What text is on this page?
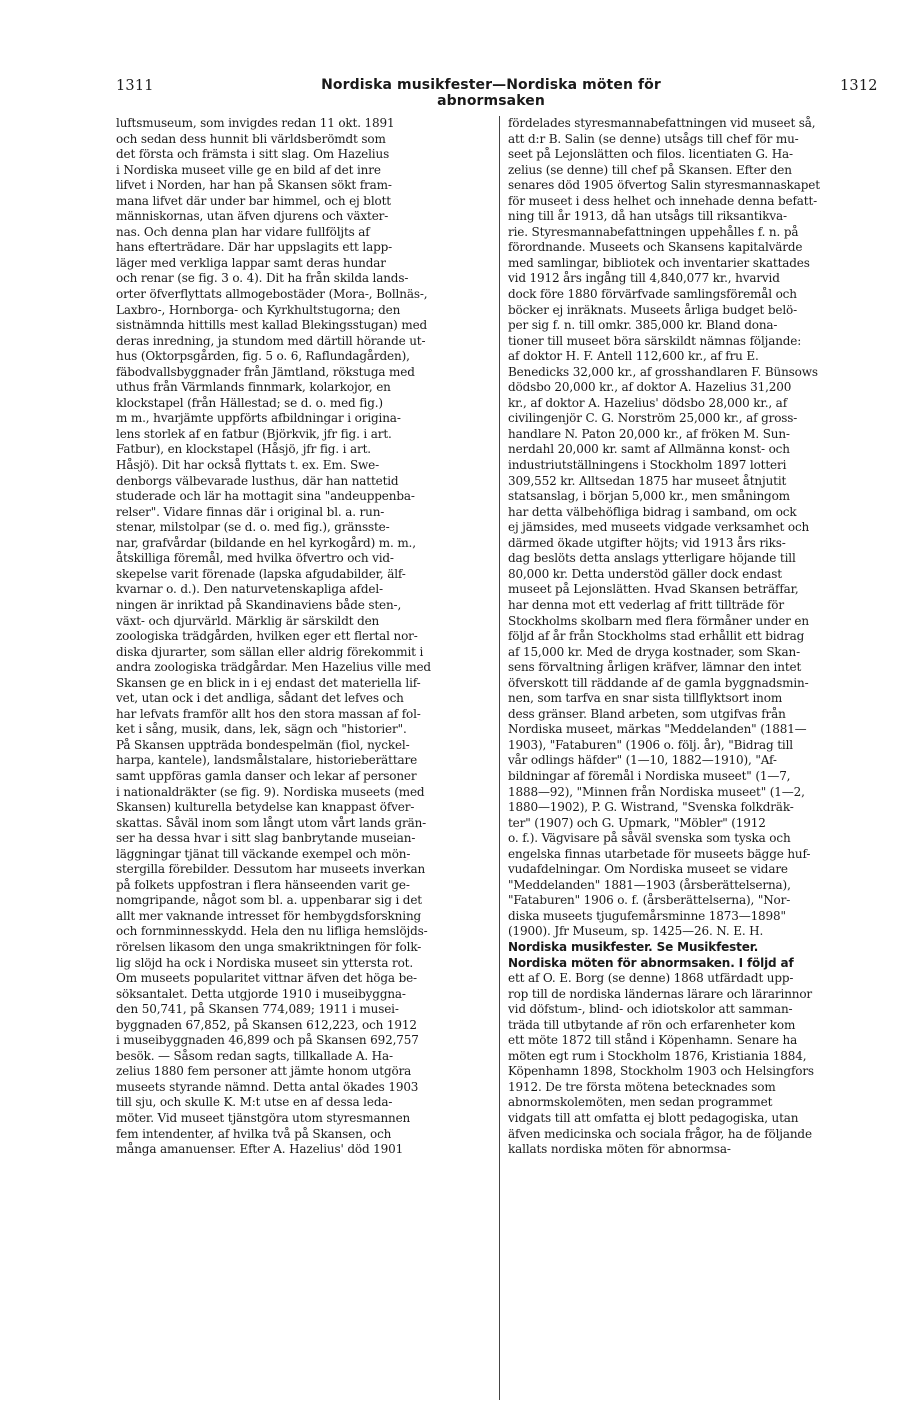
1311	Nordiska musikfester—Nordiska möten för abnormsaken
1312
luftsmuseum, som invigdes redan 11 okt. 1891
och sedan dess hunnit bli världsberömdt som
det första och främsta i sitt slag. Om Hazelius
i Nordiska museet ville ge en bild af det inre
lifvet i Norden, har han på Skansen sökt fram-
mana lifvet där under bar himmel, och ej blott
människornas, utan äfven djurens och växter-
nas. Och denna plan har vidare fullföljts af
hans efterträdare. Där har uppslagits ett lapp-
läger med verkliga lappar samt deras hundar
och renar (se fig. 3 o. 4). Dit ha från skilda lands-
orter öfverflyttats allmogebostäder (Mora-, Bollnäs-,
Laxbro-, Hornborga- och Kyrkhultstugorna; den
sistnämnda hittills mest kallad Blekingsstugan) med
deras inredning, ja stundom med därtill hörande ut-
hus (Oktorpsgården, fig. 5 o. 6, Raflundagården),
fäbodvallsbyggnader från Jämtland, rökstuga med
uthus från Värmlands finnmark, kolarkojor, en
klockstapel (från Hällestad; se d. o. med fig.)
m m., hvarjämte uppförts afbildningar i origina-
lens storlek af en fatbur (Björkvik, jfr fig. i art.
Fatbur), en klockstapel (Håsjö, jfr fig. i art.
Håsjö). Dit har också flyttats t. ex. Em. Swe-
denborgs välbevarade lusthus, där han nattetid
studerade och lär ha mottagit sina "andeuppenba-
relser". Vidare finnas där i original bl. a. run-
stenar, milstolpar (se d. o. med fig.), gränsste-
nar, grafvårdar (bildande en hel kyrkogård) m. m.,
åtskilliga föremål, med hvilka öfvertro och vid-
skepelse varit förenade (lapska afgudabilder, älf-
kvarnar o. d.). Den naturvetenskapliga afdel-
ningen är inriktad på Skandinaviens både sten-,
växt- och djurvärld. Märklig är särskildt den
zoologiska trädgården, hvilken eger ett flertal nor-
diska djurarter, som sällan eller aldrig förekommit i
andra zoologiska trädgårdar. Men Hazelius ville med
Skansen ge en blick in i ej endast det materiella lif-
vet, utan ock i det andliga, sådant det lefves och
har lefvats framför allt hos den stora massan af fol-
ket i sång, musik, dans, lek, sägn och "historier".
På Skansen uppträda bondespelmän (fiol, nyckel-
harpa, kantele), landsmålstalare, historieberättare
samt uppföras gamla danser och lekar af personer
i nationaldräkter (se fig. 9). Nordiska museets (med
Skansen) kulturella betydelse kan knappast öfver-
skattas. Såväl inom som långt utom vårt lands grän-
ser ha dessa hvar i sitt slag banbrytande museian-
läggningar tjänat till väckande exempel och mön-
stergilla förebilder. Dessutom har museets inverkan
på folkets uppfostran i flera hänseenden varit ge-
nomgripande, något som bl. a. uppenbarar sig i det
allt mer vaknande intresset för hembygdsforskning
och fornminnesskydd. Hela den nu lifliga hemslöjds-
rörelsen likasom den unga smakriktningen för folk-
lig slöjd ha ock i Nordiska museet sin yttersta rot.
Om museets popularitet vittnar äfven det höga be-
söksantalet. Detta utgjorde 1910 i museibyggna-
den 50,741, på Skansen 774,089; 1911 i musei-
byggnaden 67,852, på Skansen 612,223, och 1912
i museibyggnaden 46,899 och på Skansen 692,757
besök. — Såsom redan sagts, tillkallade A. Ha-
zelius 1880 fem personer att jämte honom utgöra
museets styrande nämnd. Detta antal ökades 1903
till sju, och skulle K. M:t utse en af dessa leda-
möter. Vid museet tjänstgöra utom styresmannen
fem intendenter, af hvilka två på Skansen, och
många amanuenser. Efter A. Hazelius' död 1901
fördelades styresmannabefattningen vid museet så,
att d:r B. Salin (se denne) utsågs till chef för mu-
seet på Lejonslätten och filos. licentiaten G. Ha-
zelius (se denne) till chef på Skansen. Efter den
senares död 1905 öfvertog Salin styresmannaskapet
för museet i dess helhet och innehade denna befatt-
ning till år 1913, då han utsågs till riksantikva-
rie. Styresmannabefattningen uppehålles f. n. på
förordnande. Museets och Skansens kapitalvärde
med samlingar, bibliotek och inventarier skattades
vid 1912 års ingång till 4,840,077 kr., hvarvid
dock före 1880 förvärfvade samlingsföremål och
böcker ej inräknats. Museets årliga budget belö-
per sig f. n. till omkr. 385,000 kr. Bland dona-
tioner till museet böra särskildt nämnas följande:
af doktor H. F. Antell 112,600 kr., af fru E.
Benedicks 32,000 kr., af grosshandlaren F. Bünsows
dödsbo 20,000 kr., af doktor A. Hazelius 31,200
kr., af doktor A. Hazelius' dödsbo 28,000 kr., af
civilingenjör C. G. Norström 25,000 kr., af gross-
handlare N. Paton 20,000 kr., af fröken M. Sun-
nerdahl 20,000 kr. samt af Allmänna konst- och
industriutställningens i Stockholm 1897 lotteri
309,552 kr. Alltsedan 1875 har museet åtnjutit
statsanslag, i början 5,000 kr., men småningom
har detta välbehöfliga bidrag i samband, om ock
ej jämsides, med museets vidgade verksamhet och
därmed ökade utgifter höjts; vid 1913 års riks-
dag beslöts detta anslags ytterligare höjande till
80,000 kr. Detta understöd gäller dock endast
museet på Lejonslätten. Hvad Skansen beträffar,
har denna mot ett vederlag af fritt tillträde för
Stockholms skolbarn med flera förmåner under en
följd af år från Stockholms stad erhållit ett bidrag
af 15,000 kr. Med de dryga kostnader, som Skan-
sens förvaltning årligen kräfver, lämnar den intet
öfverskott till räddande af de gamla byggnadsmin-
nen, som tarfva en snar sista tillflyktsort inom
dess gränser. Bland arbeten, som utgifvas från
Nordiska museet, märkas "Meddelanden" (1881—
1903), "Fataburen" (1906 o. följ. år), "Bidrag till
vår odlings häfder" (1—10, 1882—1910), "Af-
bildningar af föremål i Nordiska museet" (1—7,
1888—92), "Minnen från Nordiska museet" (1—2,
1880—1902), P. G. Wistrand, "Svenska folkdräk-
ter" (1907) och G. Upmark, "Möbler" (1912
o. f.). Vägvisare på såväl svenska som tyska och
engelska finnas utarbetade för museets bägge huf-
vudafdelningar. Om Nordiska museet se vidare
"Meddelanden" 1881—1903 (årsberättelserna),
"Fataburen" 1906 o. f. (årsberättelserna), "Nor-
diska museets tjugufemårsminne 1873—1898"
(1900). Jfr Museum, sp. 1425—26. N. E. H.
Nordiska musikfester. Se Musikfester.
Nordiska möten för abnormsaken. I följd af
ett af O. E. Borg (se denne) 1868 utfärdadt upp-
rop till de nordiska ländernas lärare och lärarinnor
vid döfstum-, blind- och idiotskolor att samman-
träda till utbytande af rön och erfarenheter kom
ett möte 1872 till stånd i Köpenhamn. Senare ha
möten egt rum i Stockholm 1876, Kristiania 1884,
Köpenhamn 1898, Stockholm 1903 och Helsingfors
1912. De tre första mötena betecknades som
abnormskolemöten, men sedan programmet
vidgats till att omfatta ej blott pedagogiska, utan
äfven medicinska och sociala frågor, ha de följande
kallats nordiska möten för abnormsa-
